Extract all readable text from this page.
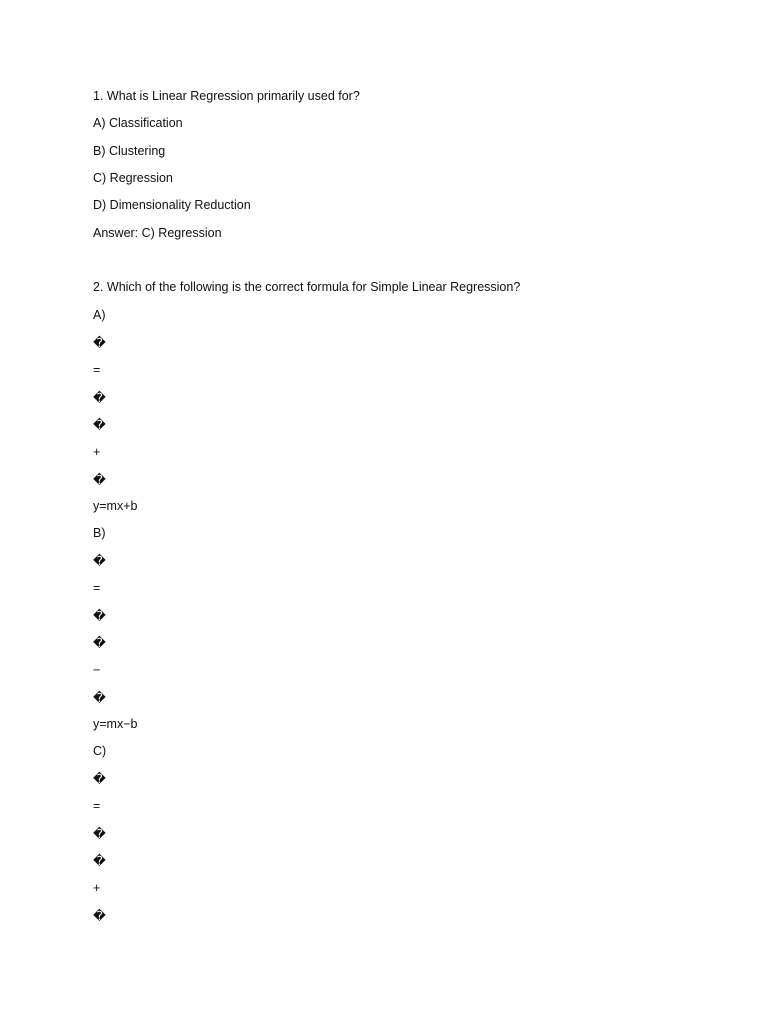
1. What is Linear Regression primarily used for?
A) Classification
B) Clustering
C) Regression
D) Dimensionality Reduction
Answer: C) Regression
2. Which of the following is the correct formula for Simple Linear Regression?
A)
�
=
�
�
+
�
y=mx+b
B)
�
=
�
�
−
�
y=mx−b
C)
�
=
�
�
+
�
